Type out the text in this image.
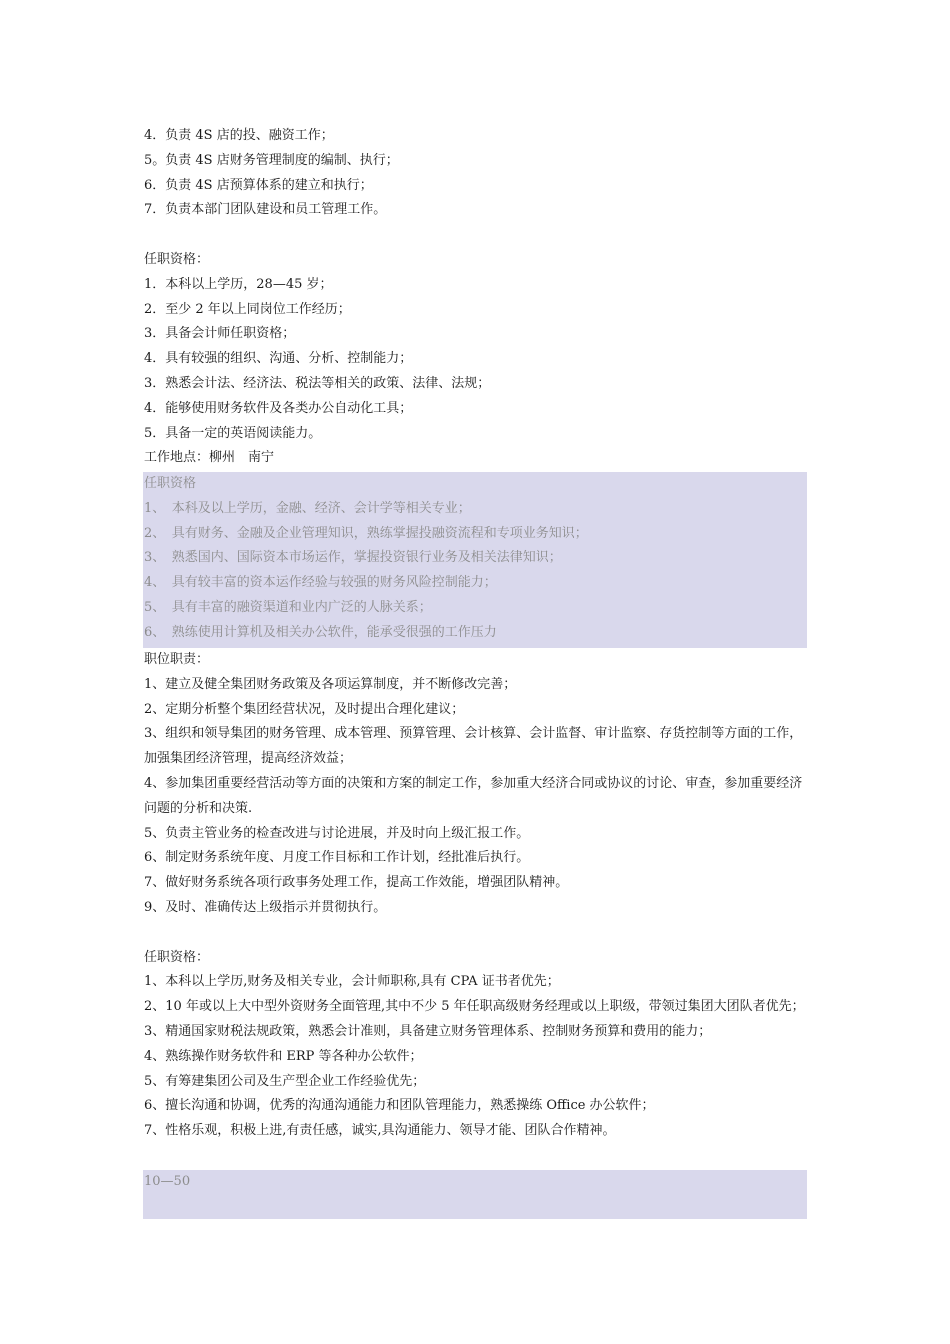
4．负责 4S 店的投、融资工作；
5。负责 4S 店财务管理制度的编制、执行；
6．负责 4S 店预算体系的建立和执行；
7．负责本部门团队建设和员工管理工作。
任职资格：
1．本科以上学历，28—45 岁；
2．至少 2 年以上同岗位工作经历；
3．具备会计师任职资格；
4．具有较强的组织、沟通、分析、控制能力；
3．熟悉会计法、经济法、税法等相关的政策、法律、法规；
4．能够使用财务软件及各类办公自动化工具；
5．具备一定的英语阅读能力。
工作地点：柳州　南宁
任职资格
1、　本科及以上学历，金融、经济、会计学等相关专业；
2、　具有财务、金融及企业管理知识，熟练掌握投融资流程和专项业务知识；
3、　熟悉国内、国际资本市场运作，掌握投资银行业务及相关法律知识；
4、　具有较丰富的资本运作经验与较强的财务风险控制能力；
5、　具有丰富的融资渠道和业内广泛的人脉关系；
6、　熟练使用计算机及相关办公软件，能承受很强的工作压力
职位职责：
1、建立及健全集团财务政策及各项运算制度，并不断修改完善；
2、定期分析整个集团经营状况，及时提出合理化建议；
3、组织和领导集团的财务管理、成本管理、预算管理、会计核算、会计监督、审计监察、存货控制等方面的工作，加强集团经济管理，提高经济效益；
4、参加集团重要经营活动等方面的决策和方案的制定工作，参加重大经济合同或协议的讨论、审查，参加重要经济问题的分析和决策.
5、负责主管业务的检查改进与讨论进展，并及时向上级汇报工作。
6、制定财务系统年度、月度工作目标和工作计划，经批准后执行。
7、做好财务系统各项行政事务处理工作，提高工作效能，增强团队精神。
9、及时、准确传达上级指示并贯彻执行。
任职资格：
1、本科以上学历,财务及相关专业，会计师职称,具有 CPA 证书者优先；
2、10 年或以上大中型外资财务全面管理,其中不少 5 年任职高级财务经理或以上职级，带领过集团大团队者优先；
3、精通国家财税法规政策，熟悉会计准则，具备建立财务管理体系、控制财务预算和费用的能力；
4、熟练操作财务软件和 ERP 等各种办公软件；
5、有筹建集团公司及生产型企业工作经验优先；
6、擅长沟通和协调，优秀的沟通沟通能力和团队管理能力，熟悉操练 Office 办公软件；
7、性格乐观，积极上进,有责任感，诚实,具沟通能力、领导才能、团队合作精神。
10—50
